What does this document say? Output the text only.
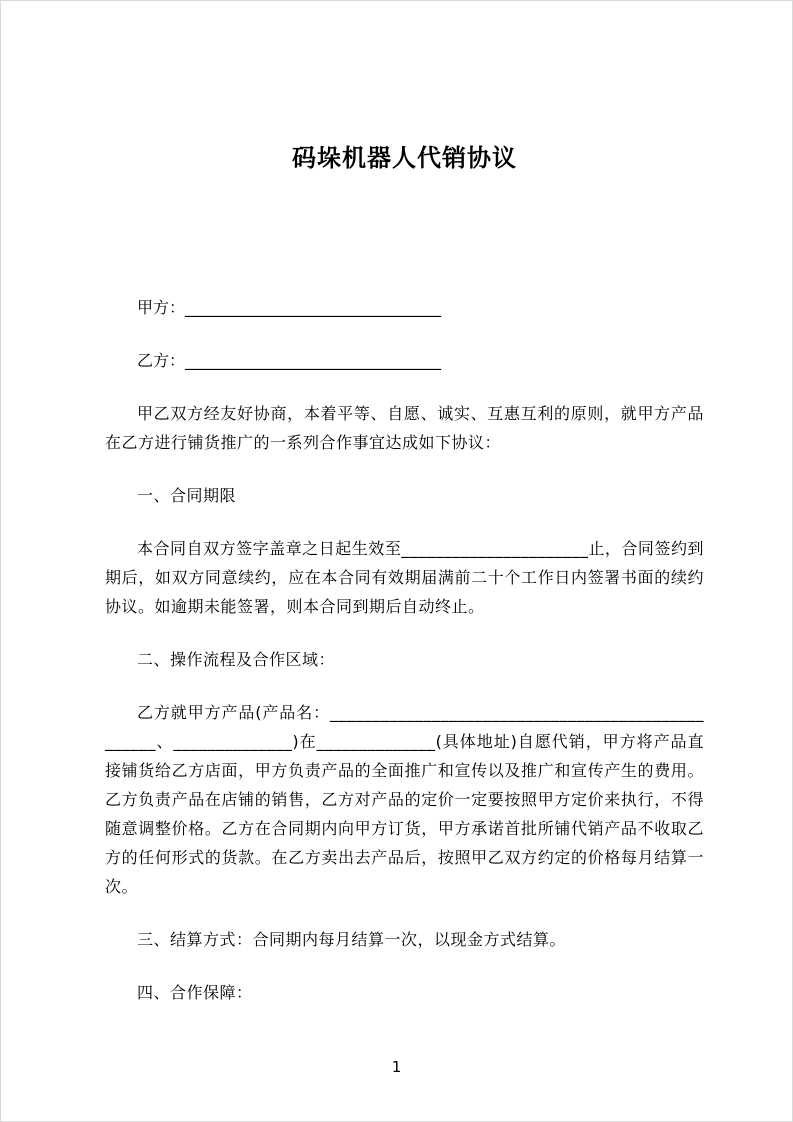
码垛机器人代销协议

甲方：________________________________

乙方：________________________________

甲乙双方经友好协商，本着平等、自愿、诚实、互惠互利的原则，就甲方产品在乙方进行铺货推广的一系列合作事宜达成如下协议：

一、合同期限

本合同自双方签字盖章之日起生效至______________________止，合同签约到期后，如双方同意续约，应在本合同有效期届满前二十个工作日内签署书面的续约协议。如逾期未能签署，则本合同到期后自动终止。

二、操作流程及合作区域：

乙方就甲方产品(产品名：__________________________________________________、______________)在______________(具体地址)自愿代销，甲方将产品直接铺货给乙方店面，甲方负责产品的全面推广和宣传以及推广和宣传产生的费用。乙方负责产品在店铺的销售，乙方对产品的定价一定要按照甲方定价来执行，不得随意调整价格。乙方在合同期内向甲方订货，甲方承诺首批所铺代销产品不收取乙方的任何形式的货款。在乙方卖出去产品后，按照甲乙双方约定的价格每月结算一次。

三、结算方式：合同期内每月结算一次，以现金方式结算。

四、合作保障：

1
